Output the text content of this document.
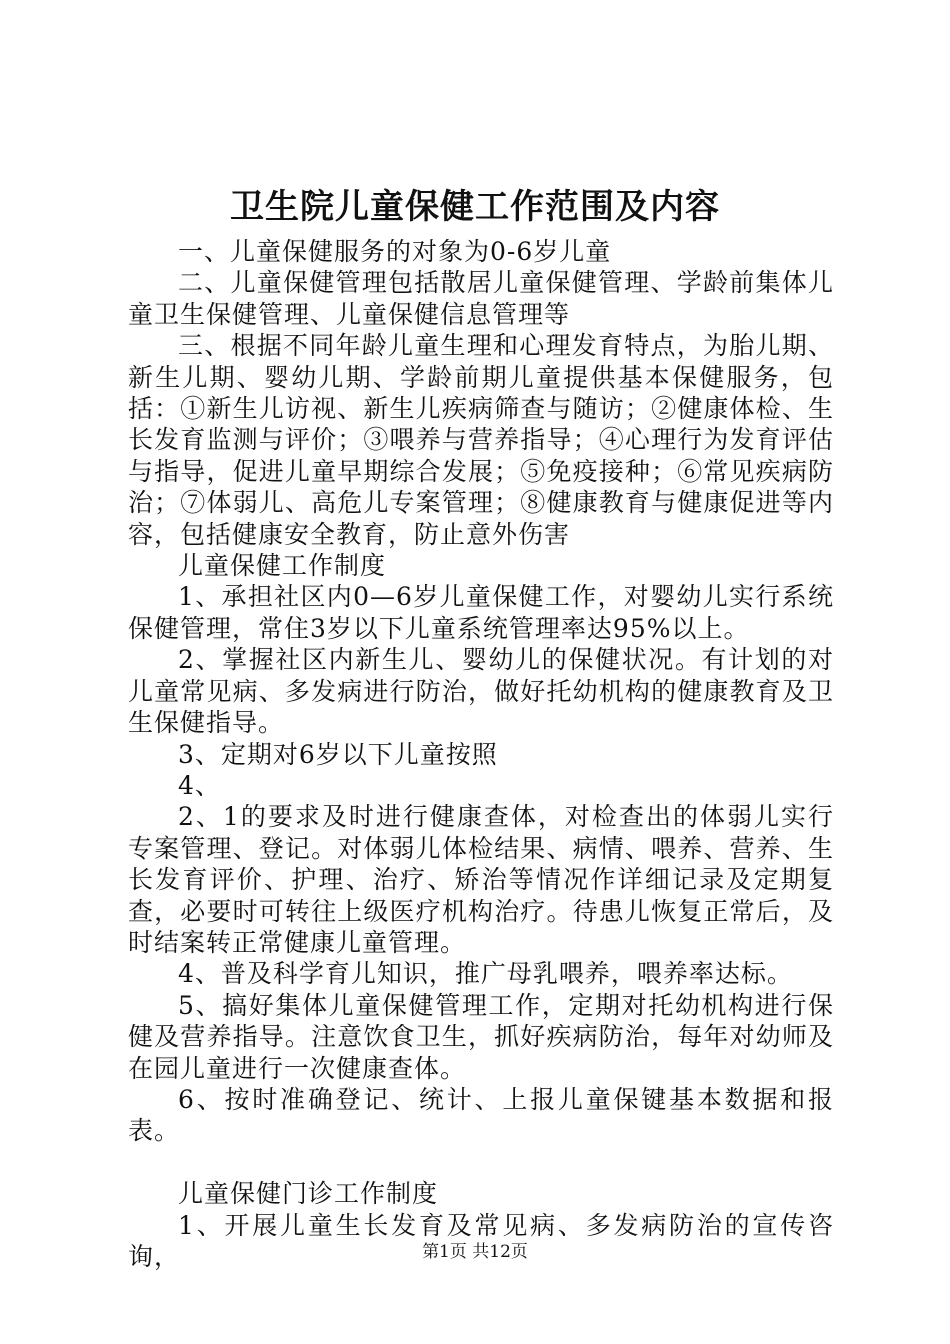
卫生院儿童保健工作范围及内容

一、儿童保健服务的对象为0-6岁儿童

二、儿童保健管理包括散居儿童保健管理、学龄前集体儿童卫生保健管理、儿童保健信息管理等

三、根据不同年龄儿童生理和心理发育特点，为胎儿期、新生儿期、婴幼儿期、学龄前期儿童提供基本保健服务，包括：①新生儿访视、新生儿疾病筛查与随访；②健康体检、生长发育监测与评价；③喂养与营养指导；④心理行为发育评估与指导，促进儿童早期综合发展；⑤免疫接种；⑥常见疾病防治；⑦体弱儿、高危儿专案管理；⑧健康教育与健康促进等内容，包括健康安全教育，防止意外伤害

儿童保健工作制度

1、承担社区内0—6岁儿童保健工作，对婴幼儿实行系统保健管理，常住3岁以下儿童系统管理率达95%以上。

2、掌握社区内新生儿、婴幼儿的保健状况。有计划的对儿童常见病、多发病进行防治，做好托幼机构的健康教育及卫生保健指导。

3、定期对6岁以下儿童按照

4、

2、1的要求及时进行健康查体，对检查出的体弱儿实行专案管理、登记。对体弱儿体检结果、病情、喂养、营养、生长发育评价、护理、治疗、矫治等情况作详细记录及定期复查，必要时可转往上级医疗机构治疗。待患儿恢复正常后，及时结案转正常健康儿童管理。

4、普及科学育儿知识，推广母乳喂养，喂养率达标。

5、搞好集体儿童保健管理工作，定期对托幼机构进行保健及营养指导。注意饮食卫生，抓好疾病防治，每年对幼师及在园儿童进行一次健康查体。

6、按时准确登记、统计、上报儿童保键基本数据和报表。

儿童保健门诊工作制度

1、开展儿童生长发育及常见病、多发病防治的宣传咨询，	第1页 共12页
